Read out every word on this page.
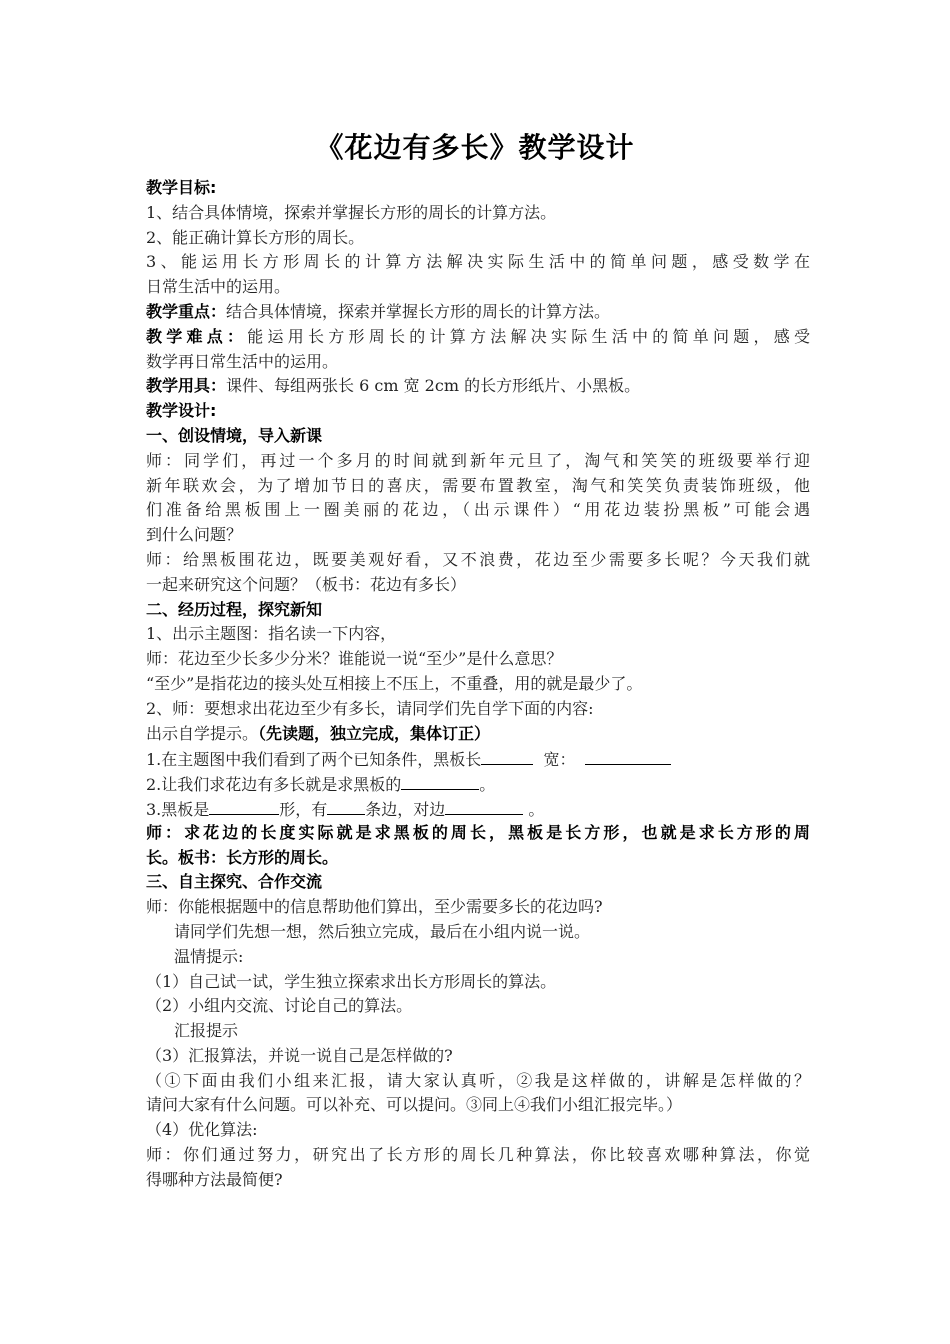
《花边有多长》教学设计

教学目标:

1、结合具体情境，探索并掌握长方形的周长的计算方法。

2、能正确计算长方形的周长。

3、能运用长方形周长的计算方法解决实际生活中的简单问题，感受数学在

日常生活中的运用。

教学重点：结合具体情境，探索并掌握长方形的周长的计算方法。

教学难点：能运用长方形周长的计算方法解决实际生活中的简单问题，感受

数学再日常生活中的运用。

教学用具：课件、每组两张长 6 cm 宽 2cm 的长方形纸片、小黑板。

教学设计:

一、创设情境，导入新课

师：同学们，再过一个多月的时间就到新年元旦了，淘气和笑笑的班级要举行迎

新年联欢会，为了增加节日的喜庆，需要布置教室，淘气和笑笑负责装饰班级，他

们准备给黑板围上一圈美丽的花边，（出示课件）“用花边装扮黑板”可能会遇

到什么问题？

师：给黑板围花边，既要美观好看，又不浪费，花边至少需要多长呢？今天我们就

一起来研究这个问题？（板书：花边有多长）

二、经历过程，探究新知

1、出示主题图：指名读一下内容，

师：花边至少长多少分米？谁能说一说“至少”是什么意思？

“至少”是指花边的接头处互相接上不压上，不重叠，用的就是最少了。

2、师：要想求出花边至少有多长，请同学们先自学下面的内容:

出示自学提示。（先读题，独立完成，集体订正）

1.在主题图中我们看到了两个已知条件，黑板长	宽：

2.让我们求花边有多长就是求黑板的	。

3.黑板是	形，有 条边，对边	。

师：求花边的长度实际就是求黑板的周长，黑板是长方形，也就是求长方形的周

长。板书：长方形的周长。

三、自主探究、合作交流

师：你能根据题中的信息帮助他们算出，至少需要多长的花边吗?

请同学们先想一想，然后独立完成，最后在小组内说一说。

温情提示:

（1）自己试一试，学生独立探索求出长方形周长的算法。

（2）小组内交流、讨论自己的算法。

汇报提示

（3）汇报算法，并说一说自己是怎样做的?

（①下面由我们小组来汇报，请大家认真听，②我是这样做的，讲解是怎样做的？

请问大家有什么问题。可以补充、可以提问。③同上④我们小组汇报完毕。）

（4）优化算法:

师：你们通过努力，研究出了长方形的周长几种算法，你比较喜欢哪种算法，你觉

得哪种方法最简便?
